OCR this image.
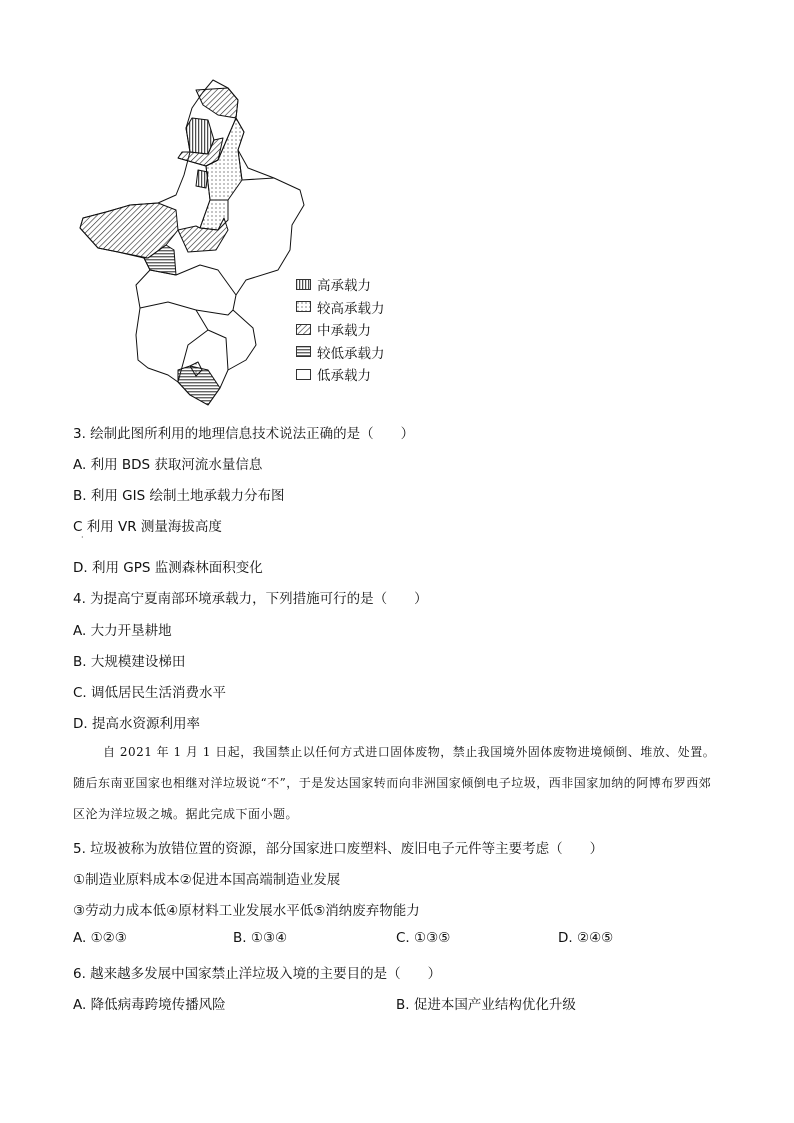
高承载力
较高承载力
中承载力
较低承载力
低承载力
3. 绘制此图所利用的地理信息技术说法正确的是（　　）
A. 利用 BDS 获取河流水量信息
B. 利用 GIS 绘制土地承载力分布图
C 利用 VR 测量海拔高度
·
D. 利用 GPS 监测森林面积变化
4. 为提高宁夏南部环境承载力，下列措施可行的是（　　）
A. 大力开垦耕地
B. 大规模建设梯田
C. 调低居民生活消费水平
D. 提高水资源利用率
自 2021 年 1 月 1 日起，我国禁止以任何方式进口固体废物，禁止我国境外固体废物进境倾倒、堆放、处置。随后东南亚国家也相继对洋垃圾说“不”，于是发达国家转而向非洲国家倾倒电子垃圾，西非国家加纳的阿博布罗西郊区沦为洋垃圾之城。据此完成下面小题。
5. 垃圾被称为放错位置的资源，部分国家进口废塑料、废旧电子元件等主要考虑（　　）
①制造业原料成本②促进本国高端制造业发展
③劳动力成本低④原材料工业发展水平低⑤消纳废弃物能力
A. ①②③	B. ①③④	C. ①③⑤	D. ②④⑤
6. 越来越多发展中国家禁止洋垃圾入境的主要目的是（　　）
A. 降低病毒跨境传播风险	B. 促进本国产业结构优化升级
